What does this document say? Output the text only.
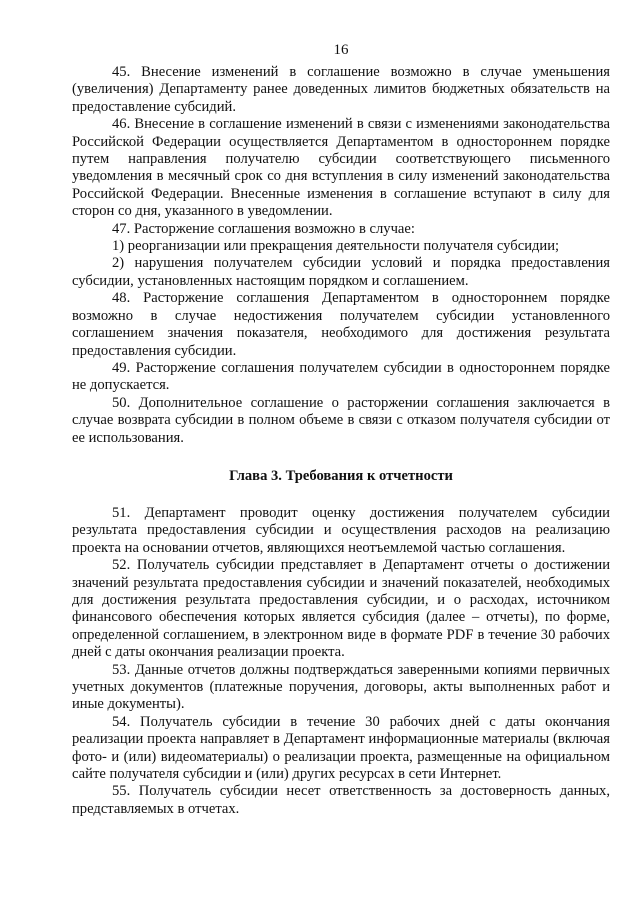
16

45. Внесение изменений в соглашение возможно в случае уменьшения (увеличения) Департаменту ранее доведенных лимитов бюджетных обязательств на предоставление субсидий.

46. Внесение в соглашение изменений в связи с изменениями законодательства Российской Федерации осуществляется Департаментом в одностороннем порядке путем направления получателю субсидии соответствующего письменного уведомления в месячный срок со дня вступления в силу изменений законодательства Российской Федерации. Внесенные изменения в соглашение вступают в силу для сторон со дня, указанного в уведомлении.

47. Расторжение соглашения возможно в случае:

1) реорганизации или прекращения деятельности получателя субсидии;

2) нарушения получателем субсидии условий и порядка предоставления субсидии, установленных настоящим порядком и соглашением.

48. Расторжение соглашения Департаментом в одностороннем порядке возможно в случае недостижения получателем субсидии установленного соглашением значения показателя, необходимого для достижения результата предоставления субсидии.

49. Расторжение соглашения получателем субсидии в одностороннем порядке не допускается.

50. Дополнительное соглашение о расторжении соглашения заключается в случае возврата субсидии в полном объеме в связи с отказом получателя субсидии от ее использования.

Глава 3. Требования к отчетности

51. Департамент проводит оценку достижения получателем субсидии результата предоставления субсидии и осуществления расходов на реализацию проекта на основании отчетов, являющихся неотъемлемой частью соглашения.

52. Получатель субсидии представляет в Департамент отчеты о достижении значений результата предоставления субсидии и значений показателей, необходимых для достижения результата предоставления субсидии, и о расходах, источником финансового обеспечения которых является субсидия (далее – отчеты), по форме, определенной соглашением, в электронном виде в формате PDF в течение 30 рабочих дней с даты окончания реализации проекта.

53. Данные отчетов должны подтверждаться заверенными копиями первичных учетных документов (платежные поручения, договоры, акты выполненных работ и иные документы).

54. Получатель субсидии в течение 30 рабочих дней с даты окончания реализации проекта направляет в Департамент информационные материалы (включая фото- и (или) видеоматериалы) о реализации проекта, размещенные на официальном сайте получателя субсидии и (или) других ресурсах в сети Интернет.

55. Получатель субсидии несет ответственность за достоверность данных, представляемых в отчетах.
